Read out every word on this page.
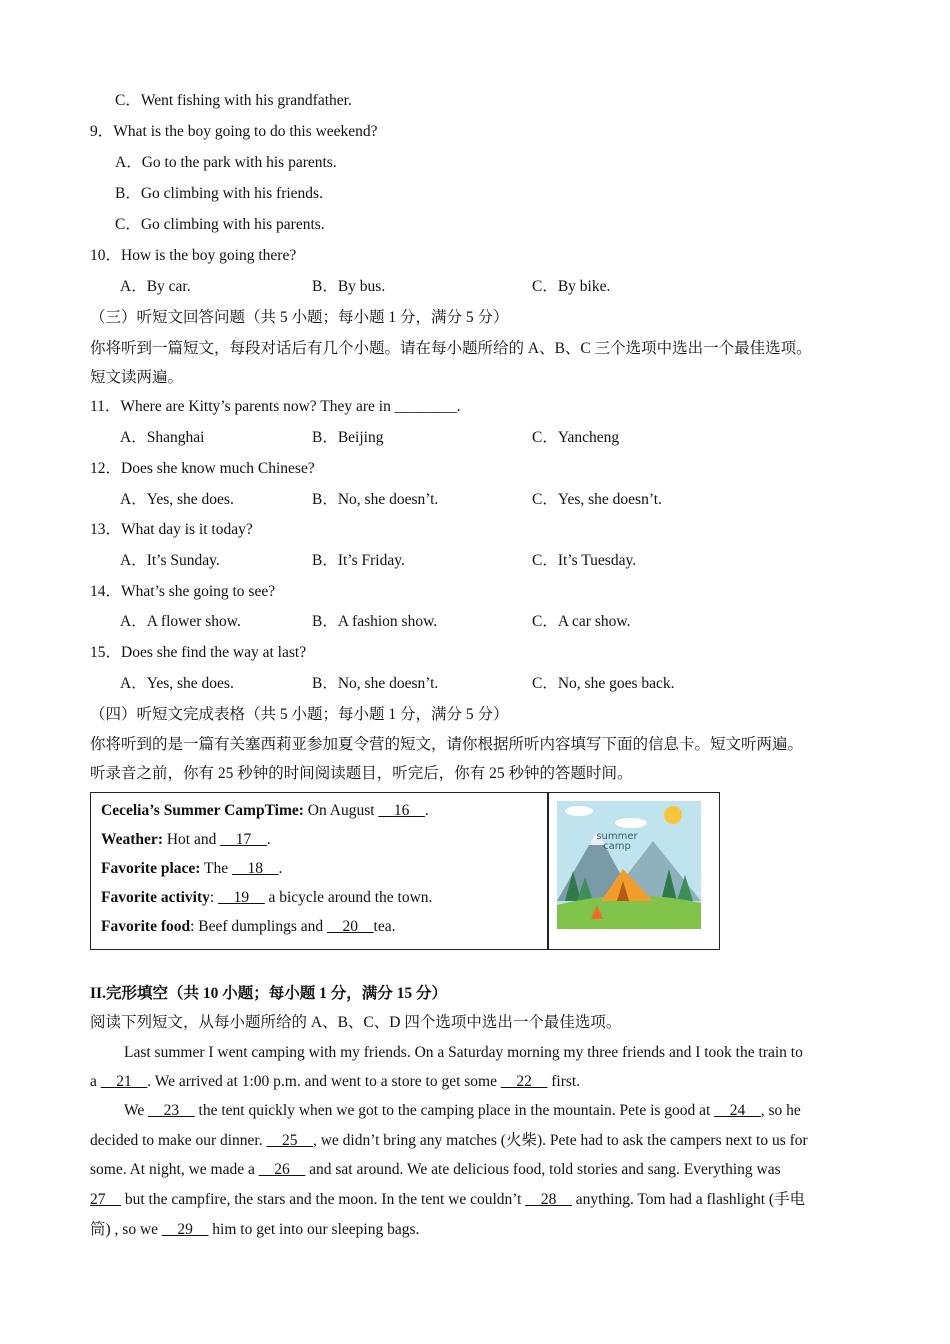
C．Went fishing with his grandfather.
9．What is the boy going to do this weekend?
A．Go to the park with his parents.
B．Go climbing with his friends.
C．Go climbing with his parents.
10．How is the boy going there?
A．By car.	B．By bus.	C．By bike.
（三）听短文回答问题（共 5 小题；每小题 1 分，满分 5 分）
你将听到一篇短文，每段对话后有几个小题。请在每小题所给的 A、B、C 三个选项中选出一个最佳选项。
短文读两遍。
11．Where are Kitty’s parents now? They are in ________.
A．Shanghai	B．Beijing	C．Yancheng
12．Does she know much Chinese?
A．Yes, she does.	B．No, she doesn’t.	C．Yes, she doesn’t.
13．What day is it today?
A．It’s Sunday.	B．It’s Friday.	C．It’s Tuesday.
14．What’s she going to see?
A．A flower show.	B．A fashion show.	C．A car show.
15．Does she find the way at last?
A．Yes, she does.	B．No, she doesn’t.	C．No, she goes back.
（四）听短文完成表格（共 5 小题；每小题 1 分，满分 5 分）
你将听到的是一篇有关塞西莉亚参加夏令营的短文，请你根据所听内容填写下面的信息卡。短文听两遍。
听录音之前，你有 25 秒钟的时间阅读题目，听完后，你有 25 秒钟的答题时间。
Cecelia’s Summer CampTime: On August __16__.
Weather: Hot and __17__.
Favorite place: The __18__.
Favorite activity: __19__ a bicycle around the town.
Favorite food: Beef dumplings and __20__tea.
summer
camp
II.完形填空（共 10 小题；每小题 1 分，满分 15 分）
阅读下列短文，从每小题所给的 A、B、C、D 四个选项中选出一个最佳选项。
Last summer I went camping with my friends. On a Saturday morning my three friends and I took the train to
a __21__. We arrived at 1:00 p.m. and went to a store to get some __22__ first.
We __23__ the tent quickly when we got to the camping place in the mountain. Pete is good at __24__, so he
decided to make our dinner. __25__, we didn’t bring any matches (火柴). Pete had to ask the campers next to us for
some. At night, we made a __26__ and sat around. We ate delicious food, told stories and sang. Everything was
27__ but the campfire, the stars and the moon. In the tent we couldn’t __28__ anything. Tom had a flashlight (手电
筒) , so we __29__ him to get into our sleeping bags.
